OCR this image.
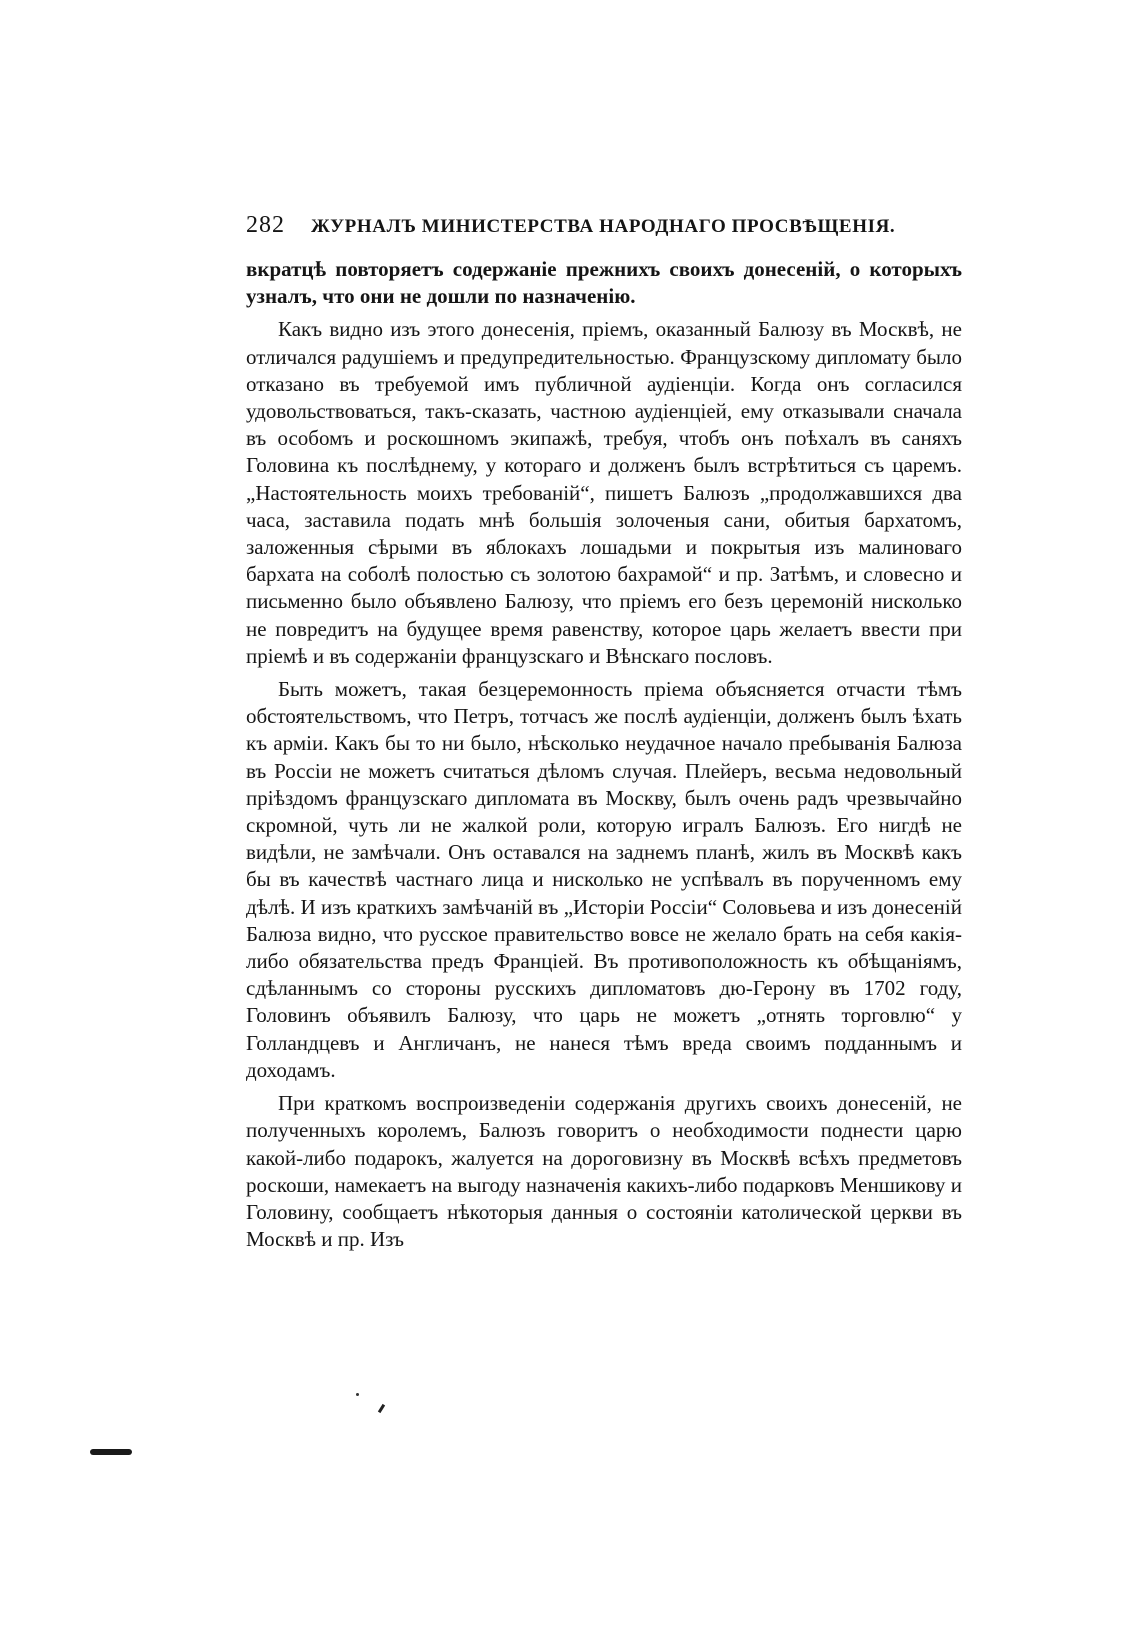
282 ЖУРНАЛЪ МИНИСТЕРСТВА НАРОДНАГО ПРОСВѢЩЕНІЯ.

вкратцѣ повторяетъ содержаніе прежнихъ своихъ донесеній, о которыхъ узналъ, что они не дошли по назначенію.

Какъ видно изъ этого донесенія, пріемъ, оказанный Балюзу въ Москвѣ, не отличался радушіемъ и предупредительностью. Французскому дипломату было отказано въ требуемой имъ публичной аудіенціи. Когда онъ согласился удовольствоваться, такъ-сказать, частною аудіенціей, ему отказывали сначала въ особомъ и роскошномъ экипажѣ, требуя, чтобъ онъ поѣхалъ въ саняхъ Головина къ послѣднему, у котораго и долженъ былъ встрѣтиться съ царемъ. „Настоятельность моихъ требованій“, пишетъ Балюзъ „продолжавшихся два часа, заставила подать мнѣ большія золоченыя сани, обитыя бархатомъ, заложенныя сѣрыми въ яблокахъ лошадьми и покрытыя изъ малиноваго бархата на соболѣ полостью съ золотою бахрамой“ и пр. Затѣмъ, и словесно и письменно было объявлено Балюзу, что пріемъ его безъ церемоній нисколько не повредитъ на будущее время равенству, которое царь желаетъ ввести при пріемѣ и въ содержаніи французскаго и Вѣнскаго пословъ.

Быть можетъ, такая безцеремонность пріема объясняется отчасти тѣмъ обстоятельствомъ, что Петръ, тотчасъ же послѣ аудіенціи, долженъ былъ ѣхать къ арміи. Какъ бы то ни было, нѣсколько неудачное начало пребыванія Балюза въ Россіи не можетъ считаться дѣломъ случая. Плейеръ, весьма недовольный пріѣздомъ французскаго дипломата въ Москву, былъ очень радъ чрезвычайно скромной, чуть ли не жалкой роли, которую игралъ Балюзъ. Его нигдѣ не видѣли, не замѣчали. Онъ оставался на заднемъ планѣ, жилъ въ Москвѣ какъ бы въ качествѣ частнаго лица и нисколько не успѣвалъ въ порученномъ ему дѣлѣ. И изъ краткихъ замѣчаній въ „Исторіи Россіи“ Соловьева и изъ донесеній Балюза видно, что русское правительство вовсе не желало брать на себя какія-либо обязательства предъ Франціей. Въ противоположность къ обѣщаніямъ, сдѣланнымъ со стороны русскихъ дипломатовъ дю-Герону въ 1702 году, Головинъ объявилъ Балюзу, что царь не можетъ „отнять торговлю“ у Голландцевъ и Англичанъ, не нанеся тѣмъ вреда своимъ подданнымъ и доходамъ.

При краткомъ воспроизведеніи содержанія другихъ своихъ донесеній, не полученныхъ королемъ, Балюзъ говоритъ о необходимости поднести царю какой-либо подарокъ, жалуется на дороговизну въ Москвѣ всѣхъ предметовъ роскоши, намекаетъ на выгоду назначенія какихъ-либо подарковъ Меншикову и Головину, сообщаетъ нѣкоторыя данныя о состояніи католической церкви въ Москвѣ и пр. Изъ
